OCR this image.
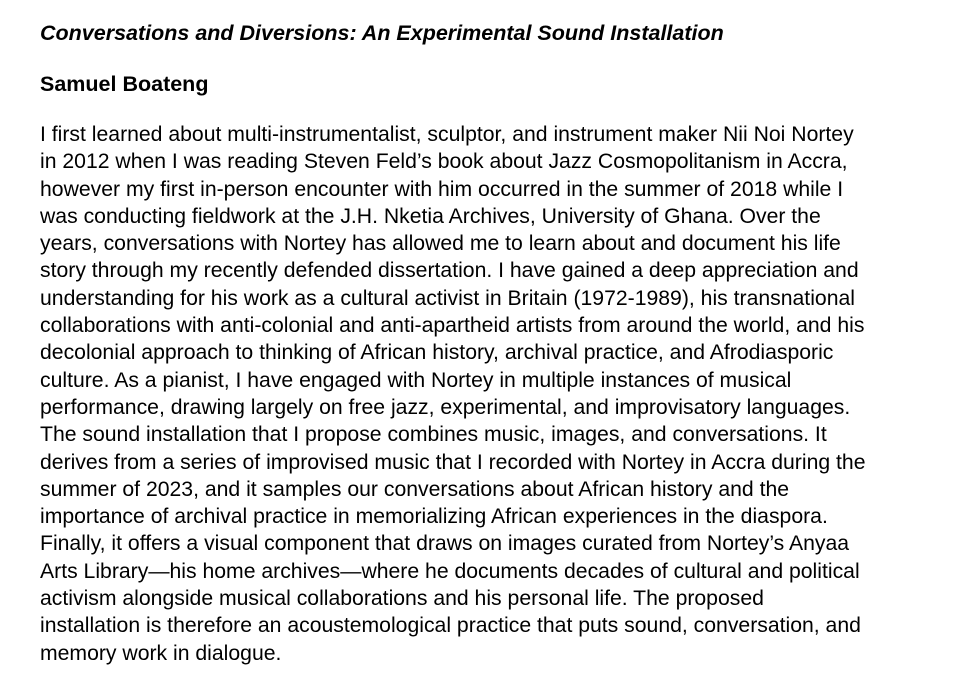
Conversations and Diversions: An Experimental Sound Installation
Samuel Boateng

I first learned about multi-instrumentalist, sculptor, and instrument maker Nii Noi Nortey
in 2012 when I was reading Steven Feld’s book about Jazz Cosmopolitanism in Accra,
however my first in-person encounter with him occurred in the summer of 2018 while I
was conducting fieldwork at the J.H. Nketia Archives, University of Ghana. Over the
years, conversations with Nortey has allowed me to learn about and document his life
story through my recently defended dissertation. I have gained a deep appreciation and
understanding for his work as a cultural activist in Britain (1972-1989), his transnational
collaborations with anti-colonial and anti-apartheid artists from around the world, and his
decolonial approach to thinking of African history, archival practice, and Afrodiasporic
culture. As a pianist, I have engaged with Nortey in multiple instances of musical
performance, drawing largely on free jazz, experimental, and improvisatory languages.
The sound installation that I propose combines music, images, and conversations. It
derives from a series of improvised music that I recorded with Nortey in Accra during the
summer of 2023, and it samples our conversations about African history and the
importance of archival practice in memorializing African experiences in the diaspora.
Finally, it offers a visual component that draws on images curated from Nortey’s Anyaa
Arts Library—his home archives—where he documents decades of cultural and political
activism alongside musical collaborations and his personal life. The proposed
installation is therefore an acoustemological practice that puts sound, conversation, and
memory work in dialogue.
